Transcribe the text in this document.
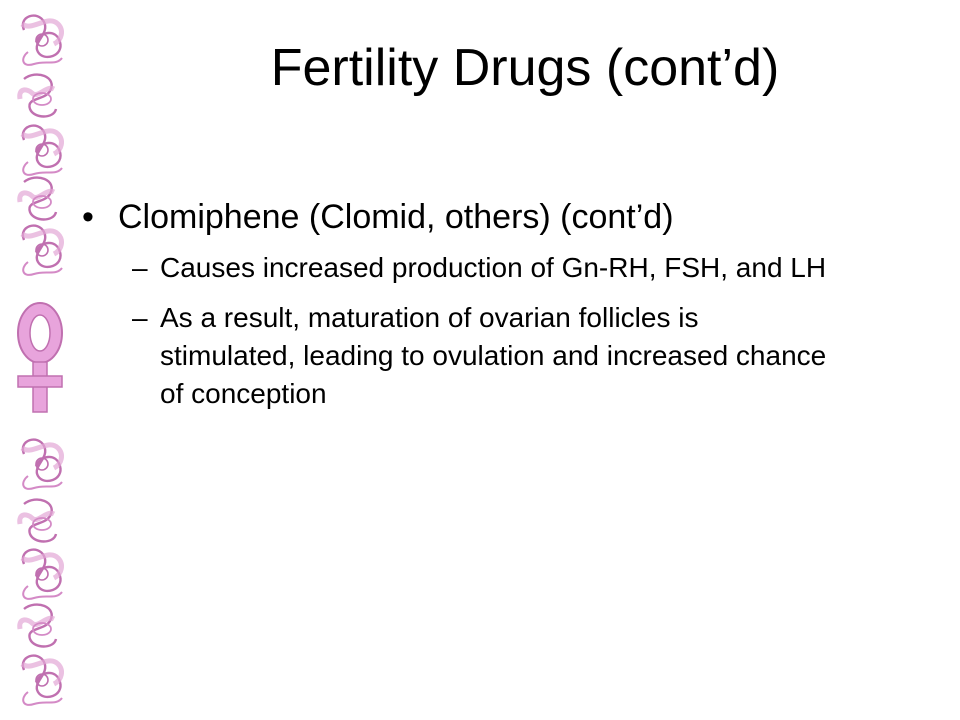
Fertility Drugs (cont’d)
• Clomiphene (Clomid, others) (cont’d)
– Causes increased production of Gn-RH, FSH, and LH
– As a result, maturation of ovarian follicles is stimulated, leading to ovulation and increased chance of conception
